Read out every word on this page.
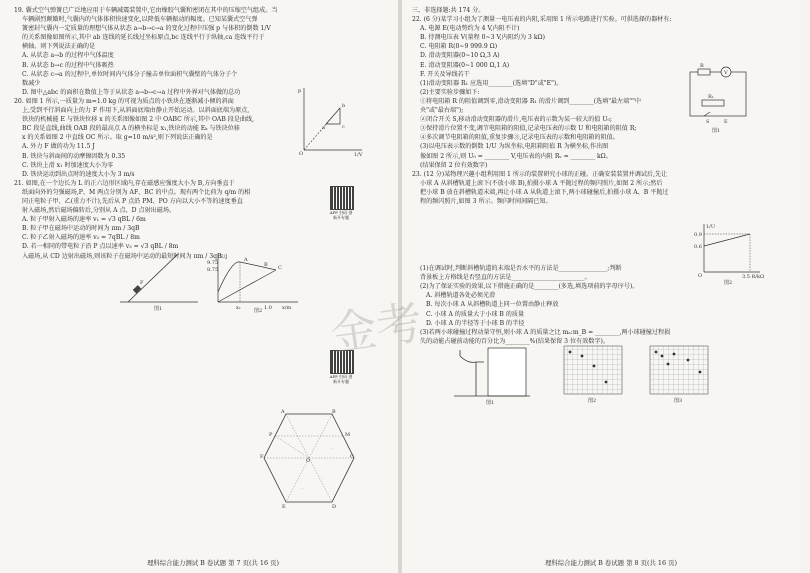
19. 囊式空气弹簧已广泛地应用于车辆减震装置中,它由橡胶气囊和密闭在其中的压缩空气组成。当
车辆剧烈颠簸时,气囊内的气体体积快速变化,以降低车辆振动的幅度。已知某囊式空气弹
簧密封气囊内一定质量的理想气体从状态 a→b→c→a 的变化过程中压强 p 与体积的倒数 1/V
的关系图像如图所示,其中 ab 连线的延长线过坐标原点,bc 连线平行于纵轴,ca 连线平行于
横轴。则下列说法正确的是
A. 从状态 a→b 的过程中气体温度
B. 从状态 b→c 的过程中气体吸热
C. 从状态 c→a 的过程中,单位时间内气体分子撞击单位面积气囊壁的气体分子个
数减少
D. 图中△abc 的面积在数值上等于从状态 a→b→c→a 过程中外界对气体做的总功
20. 如图 1 所示,一质量为 m=1.0 kg 的可视为质点的小铁块在逐渐减小倾的斜面
上,受到平行斜面向上的力 F 作用下,从斜面底端由静止开始运动。以斜面底端为原点,
铁块的机械能 E 与铁块位移 x 的关系图像如图 2 中 OABC 所示,其中 OAB 段是曲线,
BC 段是直线,曲线 OAB 段的最高点 A 的横坐标是 x₁,铁块的动能 Eₖ 与铁块位移
x 的关系如图 2 中直线 OC 所示。取 g=10 m/s²,则下列说法正确的是
A. 外力 F 做的功为 11.5 J
B. 铁块与斜面间的动摩擦因数为 0.35
C. 铁块上滑 x₁ 时加速度大小为零
D. 铁块运动到出点时的速度大小为 3 m/s
21. 如图,在一个边长为 L 的正六边形区域内,存在磁感应强度大小为 B,方向垂直于
纸面向外的匀强磁场,P、M 两点分别为 AF、BC 的中点。现有两个比荷为 q/m 的相
同正电粒子甲、乙(重力不计),先后从 P 点沿 PM、PO 方向以大小不等的速度垂直
射入磁场,然后磁场偏转后,分别从 A 点、D 点射出磁场。
A. 粒子甲射入磁场的速率 v₁ = √3 qBL / 6m
B. 粒子甲在磁场中运动的时间为 πm / 3qB
C. 粒子乙射入磁场的速率 v₂ = 7qBL / 8m
D. 若一相同的带电粒子沿 P 点以速率 v₃ = √3 qBL / 8m
入磁场,从 CD 边射出磁场,则该粒子在磁场中运动的最短时间为 πm / 3qB
p
1/V
a
b
c
O
F
图1
9.75
8.75
x₁	1.0
A
B C
x/m
E/J
图2
APP 扫码 创新开专题
APP 扫码 创新开专题
·
·
·
·
A	B
C
D
E
F
P	M
O
理科综合能力测试 B 卷试题 第 7 页(共 16 页)
三、非选择题:共 174 分。
22. (6 分)某学习小组为了测量一电压表的内阻,采用图 1 所示电路进行实验。可供选择的器材有:
A. 电源 E(电动势约为 4 V,内阻不计)
B. 待测电压表 V(量程 0~3 V,内阻约为 3 kΩ)
C. 电阻箱 R(0~9 999.9 Ω)
D. 滑动变阻器(0~10 Ω,3 A)
E. 滑动变阻器(0~1 000 Ω,1 A)
F. 开关及导线若干
(1)滑动变阻器 R₁ 应选用________(选填"D"或"E")。
(2)主要实验步骤如下:
①将电阻箱 R 的阻值调到零,滑动变阻器 R₁ 的滑片调到________(选填"最左端""中
央"或"最右端");
②闭合开关 S,移动滑动变阻器的滑片,电压表的示数为某一较大的值 U₀;
③保持滑片位置不变,调节电阻箱的阻值,记录电压表的示数 U 和电阻箱的阻值 R;
④多次调节电阻箱的阻值,重复步骤③,记录电压表的示数和电阻箱的阻值。
(3)以电压表示数的倒数 1/U 为纵坐标,电阻箱阻值 R 为横坐标,作出图
像如图 2 所示,则 U₀ = ________ V,电压表的内阻 Rᵥ = ________ kΩ。
(结果保留 2 位有效数字)
23. (12 分)某物理兴趣小组利用图 1 所示的装置研究小球的正碰。正确安装装置并调试后,先让
小球 A 从斜槽轨道上滚下(不放小球 B),拍摄小球 A 平抛过程的频闪照片,如图 2 所示;然后
把小球 B 放在斜槽轨道末端,再让小球 A 从轨道上滚下,两小球碰撞后,拍摄小球 A、B 平抛过
程的频闪照片,如图 3 所示。频闪时间间隔已知。
(1)在调试时,判断斜槽轨道的末端是否水平的方法是________________;判断
背景板上方格线是否竖直的方法是________________________。
(2)为了保证实验的效果,以下措施正确的是________(多选,填选项前的字母序号)。
A. 斜槽轨道各处必须光滑
B. 每次小球 A 从斜槽轨道上同一位置由静止释放
C. 小球 A 的质量大于小球 B 的质量
D. 小球 A 的半径等于小球 B 的半径
(3)若两小球碰撞过程动量守恒,则小球 A 的质量之比 mₐ:m_B = ________,两小球碰撞过程损
失的动能占碰前动能的百分比为________%(结果保留 3 位有效数字)。
V
R
R₁
S	E
图1
0.9
0.6
O	3.5 R/kΩ
1/U
图2
图1	图2	图3
理科综合能力测试 B 卷试题 第 8 页(共 16 页)
金考
